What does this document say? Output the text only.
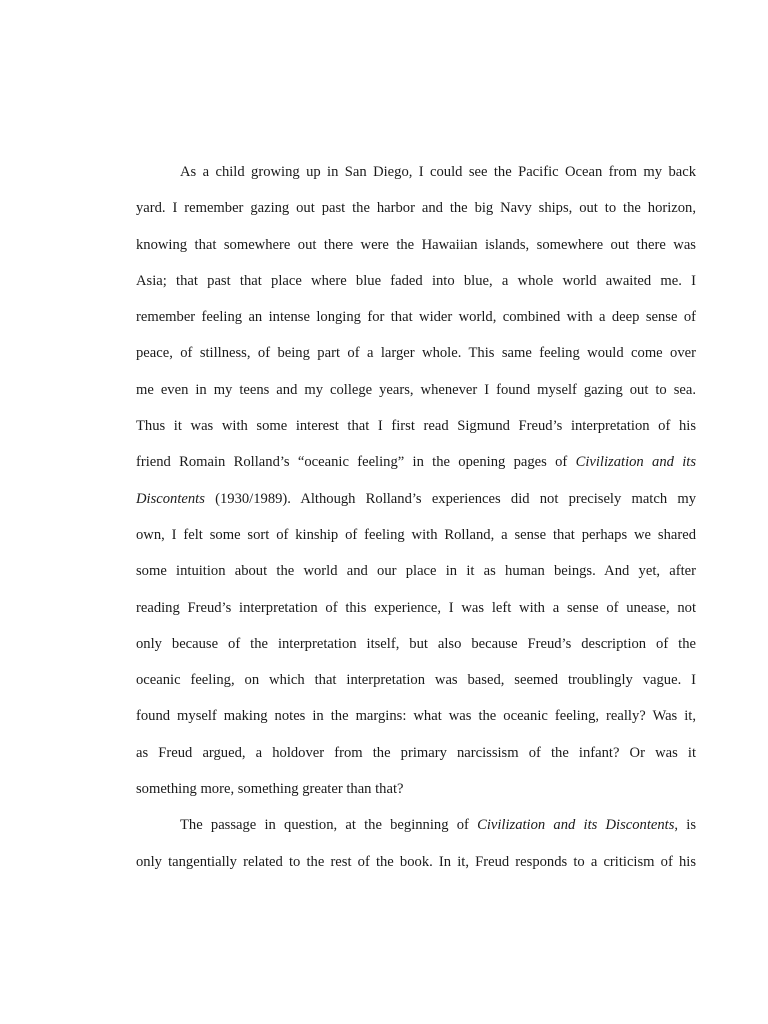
As a child growing up in San Diego, I could see the Pacific Ocean from my back
yard. I remember gazing out past the harbor and the big Navy ships, out to the horizon,
knowing that somewhere out there were the Hawaiian islands, somewhere out there was
Asia; that past that place where blue faded into blue, a whole world awaited me. I
remember feeling an intense longing for that wider world, combined with a deep sense of
peace, of stillness, of being part of a larger whole. This same feeling would come over
me even in my teens and my college years, whenever I found myself gazing out to sea.
Thus it was with some interest that I first read Sigmund Freud’s interpretation of his
friend Romain Rolland’s “oceanic feeling” in the opening pages of Civilization and its
Discontents (1930/1989). Although Rolland’s experiences did not precisely match my
own, I felt some sort of kinship of feeling with Rolland, a sense that perhaps we shared
some intuition about the world and our place in it as human beings. And yet, after
reading Freud’s interpretation of this experience, I was left with a sense of unease, not
only because of the interpretation itself, but also because Freud’s description of the
oceanic feeling, on which that interpretation was based, seemed troublingly vague. I
found myself making notes in the margins: what was the oceanic feeling, really? Was it,
as Freud argued, a holdover from the primary narcissism of the infant? Or was it
something more, something greater than that?
The passage in question, at the beginning of Civilization and its Discontents, is
only tangentially related to the rest of the book. In it, Freud responds to a criticism of his
